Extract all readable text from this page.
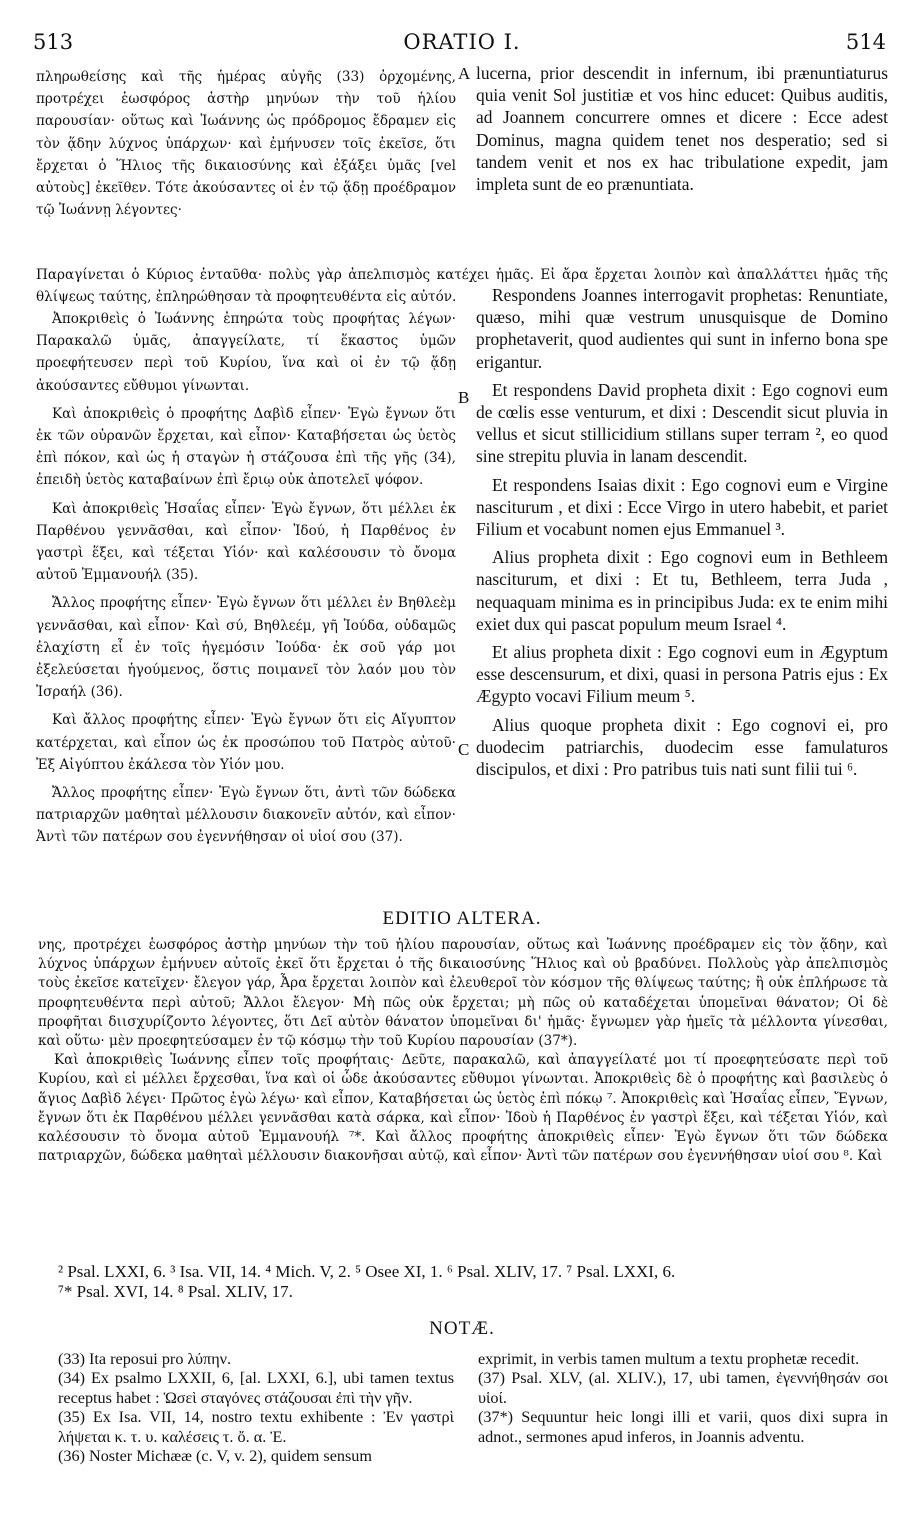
513	ORATIO I.	514

πληρωθείσης καὶ τῆς ἡμέρας αὐγῆς (33) ὀρχομένης, προτρέχει ἑωσφόρος ἀστὴρ μηνύων τὴν τοῦ ἡλίου παρουσίαν· οὕτως καὶ Ἰωάννης ὡς πρόδρομος ἔδραμεν εἰς τὸν ᾅδην λύχνος ὑπάρχων· καὶ ἐμήνυσεν τοῖς ἐκεῖσε, ὅτι ἔρχεται ὁ Ἥλιος τῆς δικαιοσύνης καὶ ἐξάξει ὑμᾶς [vel αὐτοὺς] ἐκεῖθεν. Τότε ἀκούσαντες οἱ ἐν τῷ ᾅδῃ προέδραμον τῷ Ἰωάννῃ λέγοντες·

A lucerna, prior descendit in infernum, ibi prænuntiaturus quia venit Sol justitiæ et vos hinc educet: Quibus auditis, ad Joannem concurrere omnes et dicere : Ecce adest Dominus, magna quidem tenet nos desperatio; sed si tandem venit et nos ex hac tribulatione expedit, jam impleta sunt de eo prænuntiata.

Παραγίνεται ὁ Κύριος ἐνταῦθα· πολὺς γὰρ ἀπελπισμὸς κατέχει ἡμᾶς. Εἰ ἄρα ἔρχεται λοιπὸν καὶ ἀπαλλάττει ἡμᾶς τῆς θλίψεως ταύτης, ἐπληρώθησαν τὰ προφητευθέντα εἰς αὐτόν.

Ἀποκριθεὶς ὁ Ἰωάννης ἐπηρώτα τοὺς προφήτας λέγων· Παρακαλῶ ὑμᾶς, ἀπαγγείλατε, τί ἕκαστος ὑμῶν προεφήτευσεν περὶ τοῦ Κυρίου, ἵνα καὶ οἱ ἐν τῷ ᾅδῃ ἀκούσαντες εὔθυμοι γίνωνται.

Καὶ ἀποκριθεὶς ὁ προφήτης Δαβὶδ εἶπεν· Ἐγὼ ἔγνων ὅτι ἐκ τῶν οὐρανῶν ἔρχεται, καὶ εἶπον· Καταβήσεται ὡς ὑετὸς ἐπὶ πόκον, καὶ ὡς ἡ σταγὼν ἡ στάζουσα ἐπὶ τῆς γῆς (34), ἐπειδὴ ὑετὸς καταβαίνων ἐπὶ ἔριῳ οὐκ ἀποτελεῖ ψόφον.

Καὶ ἀποκριθεὶς Ἡσαΐας εἶπεν· Ἐγὼ ἔγνων, ὅτι μέλλει ἐκ Παρθένου γεννᾶσθαι, καὶ εἶπον· Ἰδού, ἡ Παρθένος ἐν γαστρὶ ἕξει, καὶ τέξεται Υἱόν· καὶ καλέσουσιν τὸ ὄνομα αὐτοῦ Ἐμμανουήλ (35).

Ἄλλος προφήτης εἶπεν· Ἐγὼ ἔγνων ὅτι μέλλει ἐν Βηθλεὲμ γεννᾶσθαι, καὶ εἶπον· Καὶ σύ, Βηθλεέμ, γῆ Ἰούδα, οὐδαμῶς ἐλαχίστη εἶ ἐν τοῖς ἡγεμόσιν Ἰούδα· ἐκ σοῦ γάρ μοι ἐξελεύσεται ἡγούμενος, ὅστις ποιμανεῖ τὸν λαόν μου τὸν Ἰσραήλ (36).

Καὶ ἄλλος προφήτης εἶπεν· Ἐγὼ ἔγνων ὅτι εἰς Αἴγυπτον κατέρχεται, καὶ εἶπον ὡς ἐκ προσώπου τοῦ Πατρὸς αὐτοῦ· Ἐξ Αἰγύπτου ἐκάλεσα τὸν Υἱόν μου.

Ἄλλος προφήτης εἶπεν· Ἐγὼ ἔγνων ὅτι, ἀντὶ τῶν δώδεκα πατριαρχῶν μαθηταὶ μέλλουσιν διακονεῖν αὐτόν, καὶ εἶπον· Ἀντὶ τῶν πατέρων σου ἐγεννήθησαν οἱ υἱοί σου (37).

B
C

Respondens Joannes interrogavit prophetas: Renuntiate, quæso, mihi quæ vestrum unusquisque de Domino prophetaverit, quod audientes qui sunt in inferno bona spe erigantur.

Et respondens David propheta dixit : Ego cognovi eum de cœlis esse venturum, et dixi : Descendit sicut pluvia in vellus et sicut stillicidium stillans super terram ², eo quod sine strepitu pluvia in lanam descendit.

Et respondens Isaias dixit : Ego cognovi eum e Virgine nasciturum , et dixi : Ecce Virgo in utero habebit, et pariet Filium et vocabunt nomen ejus Emmanuel ³.

Alius propheta dixit : Ego cognovi eum in Bethleem nasciturum, et dixi : Et tu, Bethleem, terra Juda , nequaquam minima es in principibus Juda: ex te enim mihi exiet dux qui pascat populum meum Israel ⁴.

Et alius propheta dixit : Ego cognovi eum in Ægyptum esse descensurum, et dixi, quasi in persona Patris ejus : Ex Ægypto vocavi Filium meum ⁵.

Alius quoque propheta dixit : Ego cognovi ei, pro duodecim patriarchis, duodecim esse famulaturos discipulos, et dixi : Pro patribus tuis nati sunt filii tui ⁶.

EDITIO ALTERA.

νης, προτρέχει ἑωσφόρος ἀστὴρ μηνύων τὴν τοῦ ἡλίου παρουσίαν, οὕτως καὶ Ἰωάννης προέδραμεν εἰς τὸν ᾅδην, καὶ λύχνος ὑπάρχων ἐμήνυεν αὐτοῖς ἐκεῖ ὅτι ἔρχεται ὁ τῆς δικαιοσύνης Ἥλιος καὶ οὐ βραδύνει. Πολλοὺς γὰρ ἀπελπισμὸς τοὺς ἐκεῖσε κατεῖχεν· ἔλεγον γάρ, Ἆρα ἔρχεται λοιπὸν καὶ ἐλευθεροῖ τὸν κόσμον τῆς θλίψεως ταύτης; ἢ οὐκ ἐπλήρωσε τὰ προφητευθέντα περὶ αὐτοῦ; Ἄλλοι ἔλεγον· Μὴ πῶς οὐκ ἔρχεται; μὴ πῶς οὐ καταδέχεται ὑπομεῖναι θάνατον; Οἱ δὲ προφῆται διισχυρίζοντο λέγοντες, ὅτι Δεῖ αὐτὸν θάνατον ὑπομεῖναι δι' ἡμᾶς· ἔγνωμεν γὰρ ἡμεῖς τὰ μέλλοντα γίνεσθαι, καὶ οὕτω· μὲν προεφητεύσαμεν ἐν τῷ κόσμῳ τὴν τοῦ Κυρίου παρουσίαν (37*).

Καὶ ἀποκριθεὶς Ἰωάννης εἶπεν τοῖς προφήταις· Δεῦτε, παρακαλῶ, καὶ ἀπαγγείλατέ μοι τί προεφητεύσατε περὶ τοῦ Κυρίου, καὶ εἰ μέλλει ἔρχεσθαι, ἵνα καὶ οἱ ὧδε ἀκούσαντες εὔθυμοι γίνωνται. Ἀποκριθεὶς δὲ ὁ προφήτης καὶ βασιλεὺς ὁ ἅγιος Δαβὶδ λέγει· Πρῶτος ἐγὼ λέγω· καὶ εἶπον, Καταβήσεται ὡς ὑετὸς ἐπὶ πόκῳ ⁷. Ἀποκριθεὶς καὶ Ἡσαΐας εἶπεν, Ἔγνων, ἔγνων ὅτι ἐκ Παρθένου μέλλει γεννᾶσθαι κατὰ σάρκα, καὶ εἶπον· Ἰδοὺ ἡ Παρθένος ἐν γαστρὶ ἕξει, καὶ τέξεται Υἱόν, καὶ καλέσουσιν τὸ ὄνομα αὐτοῦ Ἐμμανουήλ ⁷*. Καὶ ἄλλος προφήτης ἀποκριθεὶς εἶπεν· Ἐγὼ ἔγνων ὅτι τῶν δώδεκα πατριαρχῶν, δώδεκα μαθηταὶ μέλλουσιν διακονῆσαι αὐτῷ, καὶ εἶπον· Ἀντὶ τῶν πατέρων σου ἐγεννήθησαν υἱοί σου ⁸. Καὶ

² Psal. LXXI, 6. ³ Isa. VII, 14. ⁴ Mich. V, 2. ⁵ Osee XI, 1. ⁶ Psal. XLIV, 17. ⁷ Psal. LXXI, 6.
⁷* Psal. XVI, 14. ⁸ Psal. XLIV, 17.
NOTÆ.

(33) Ita reposui pro λύπην.

(34) Ex psalmo LXXII, 6, [al. LXXI, 6.], ubi tamen textus receptus habet : Ὡσεὶ σταγόνες στάζουσαι ἐπὶ τὴν γῆν.

(35) Ex Isa. VII, 14, nostro textu exhibente : Ἐν γαστρὶ λήψεται κ. τ. υ. καλέσεις τ. ὄ. α. Ἐ.

(36) Noster Michææ (c. V, v. 2), quidem sensum

exprimit, in verbis tamen multum a textu prophetæ recedit.

(37) Psal. XLV, (al. XLIV.), 17, ubi tamen, ἐγεννήθησάν σοι υἱοί.

(37*) Sequuntur heic longi illi et varii, quos dixi supra in adnot., sermones apud inferos, in Joannis adventu.
